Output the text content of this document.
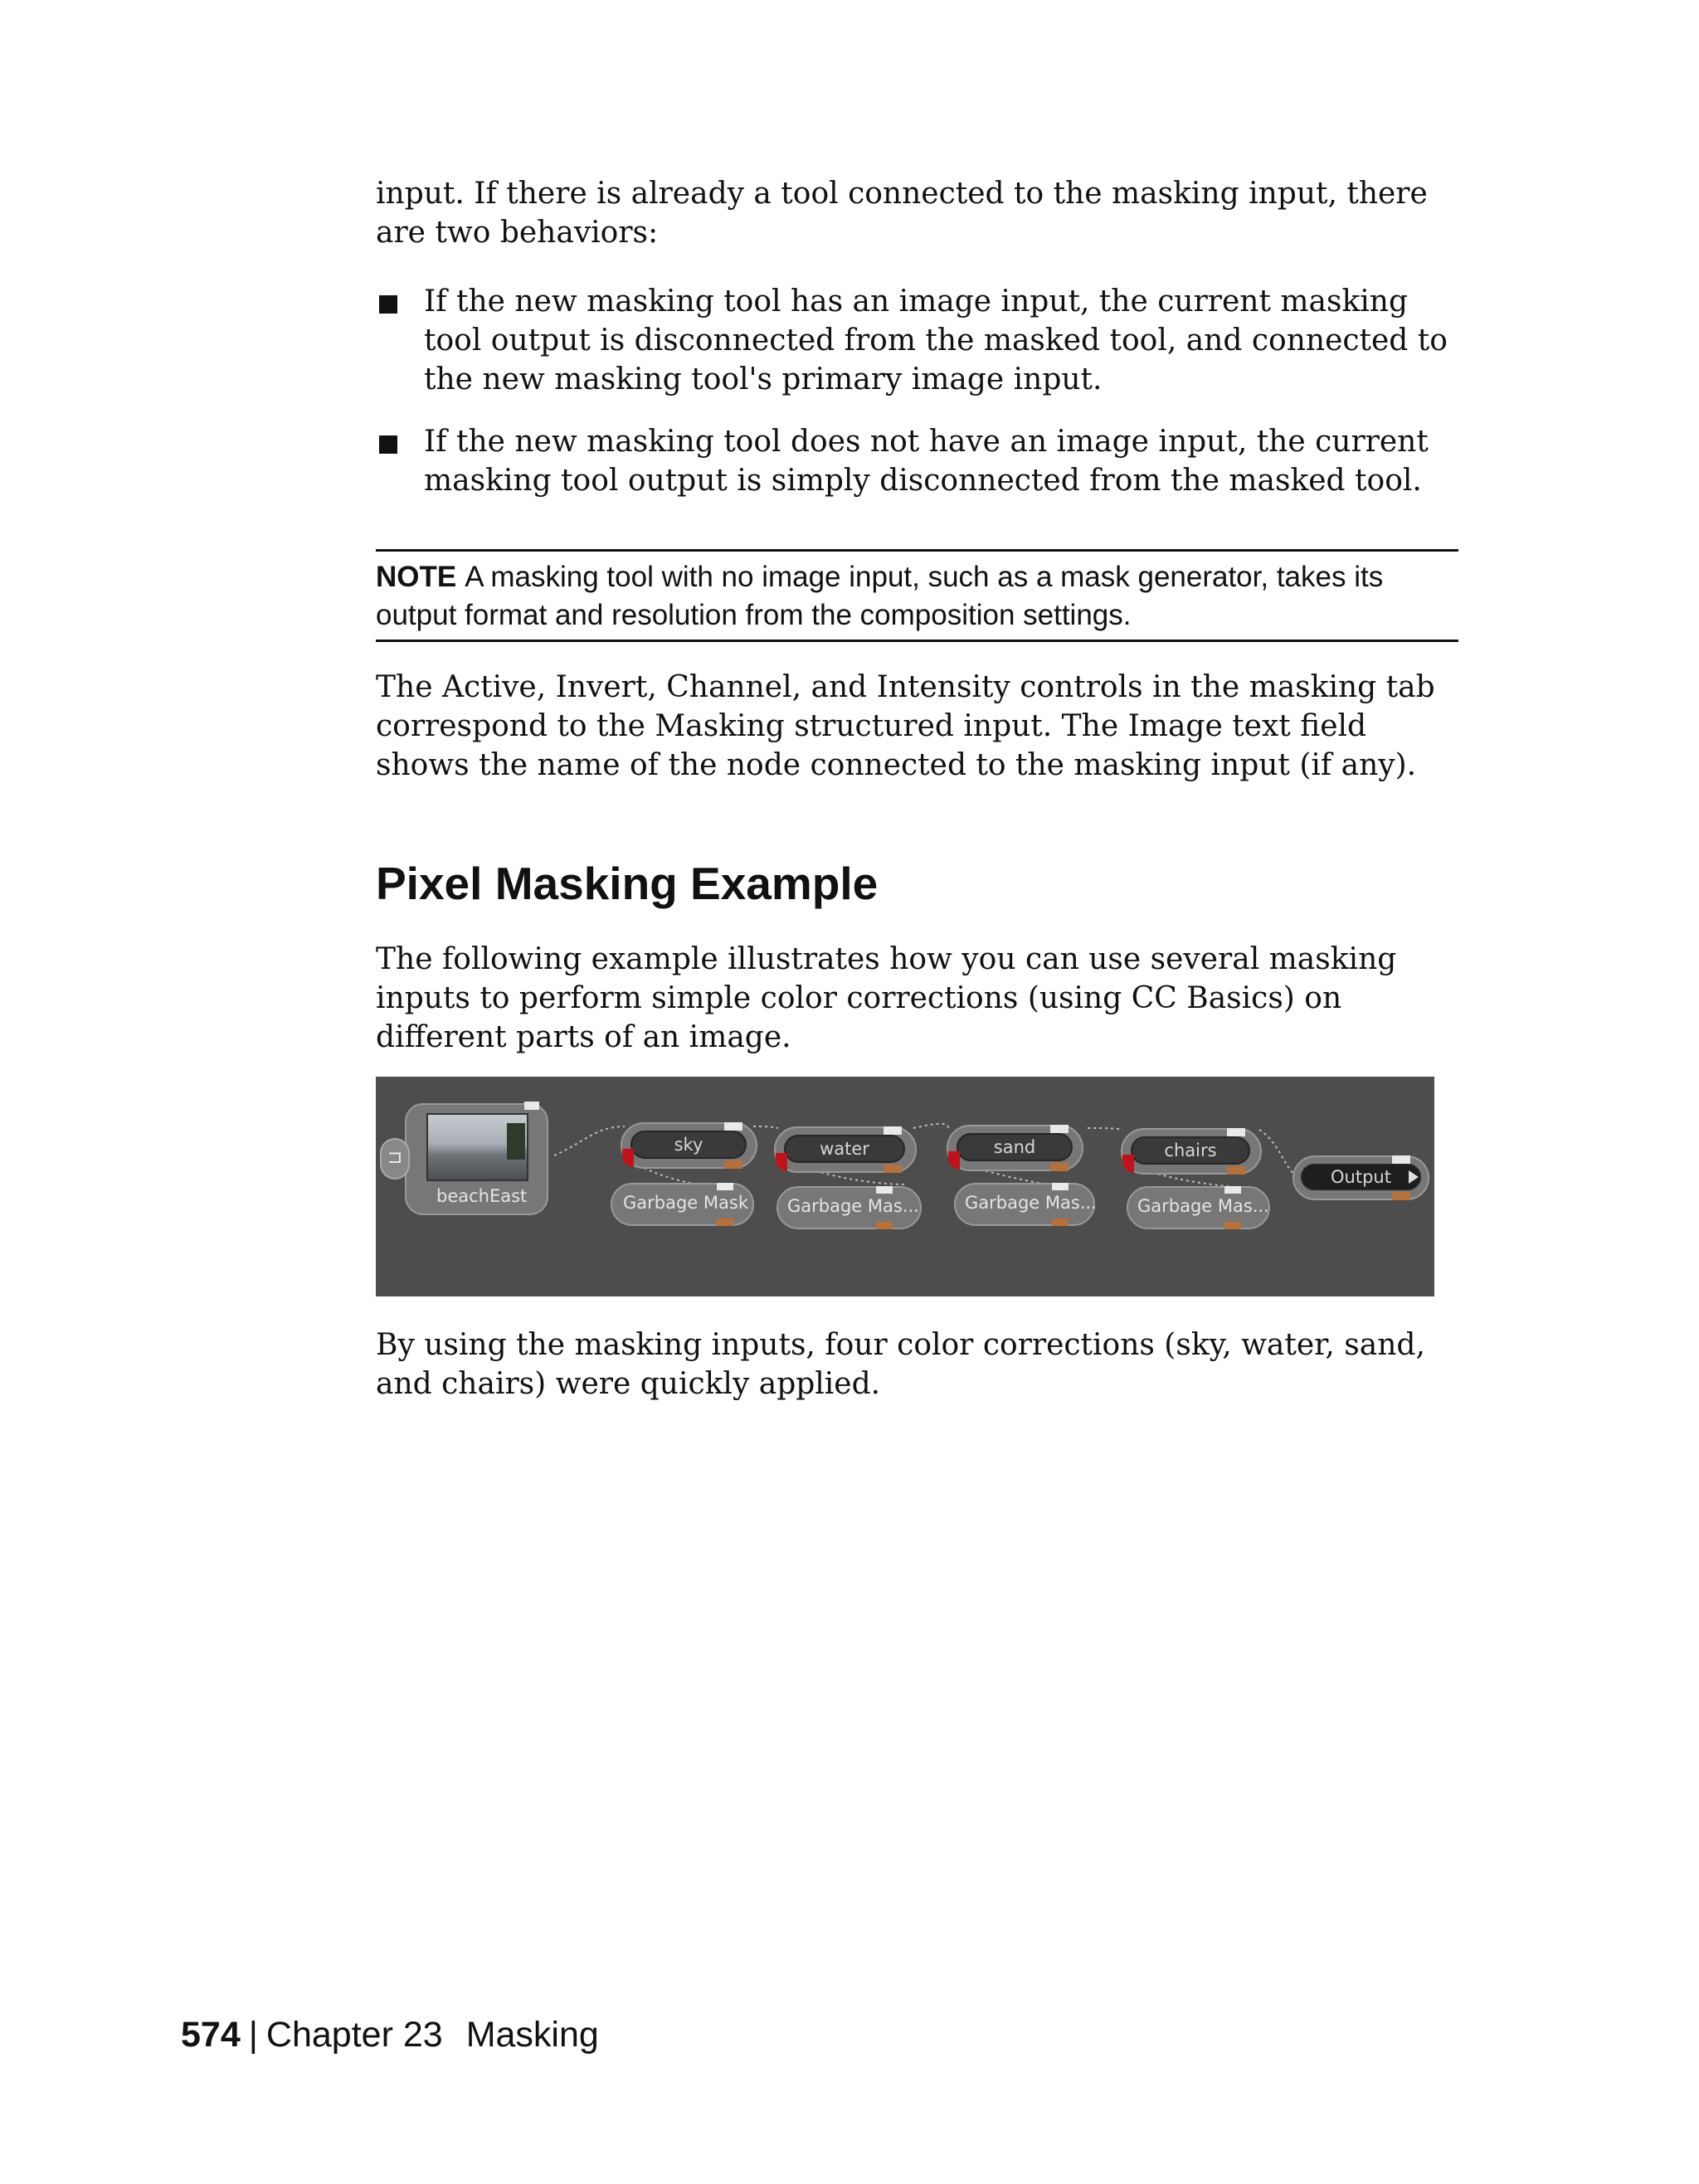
input. If there is already a tool connected to the masking input, there are two behaviors:

If the new masking tool has an image input, the current masking tool output is disconnected from the masked tool, and connected to the new masking tool's primary image input.

If the new masking tool does not have an image input, the current masking tool output is simply disconnected from the masked tool.

NOTE A masking tool with no image input, such as a mask generator, takes its output format and resolution from the composition settings.

The Active, Invert, Channel, and Intensity controls in the masking tab correspond to the Masking structured input. The Image text field shows the name of the node connected to the masking input (if any).

Pixel Masking Example

The following example illustrates how you can use several masking inputs to perform simple color corrections (using CC Basics) on different parts of an image.

beachEast
⊐
sky	water	sand	chairs
Output
Garbage Mask Garbage Mas...	Garbage Mas... Garbage Mas...

By using the masking inputs, four color corrections (sky, water, sand, and chairs) were quickly applied.

574 | Chapter 23 Masking
